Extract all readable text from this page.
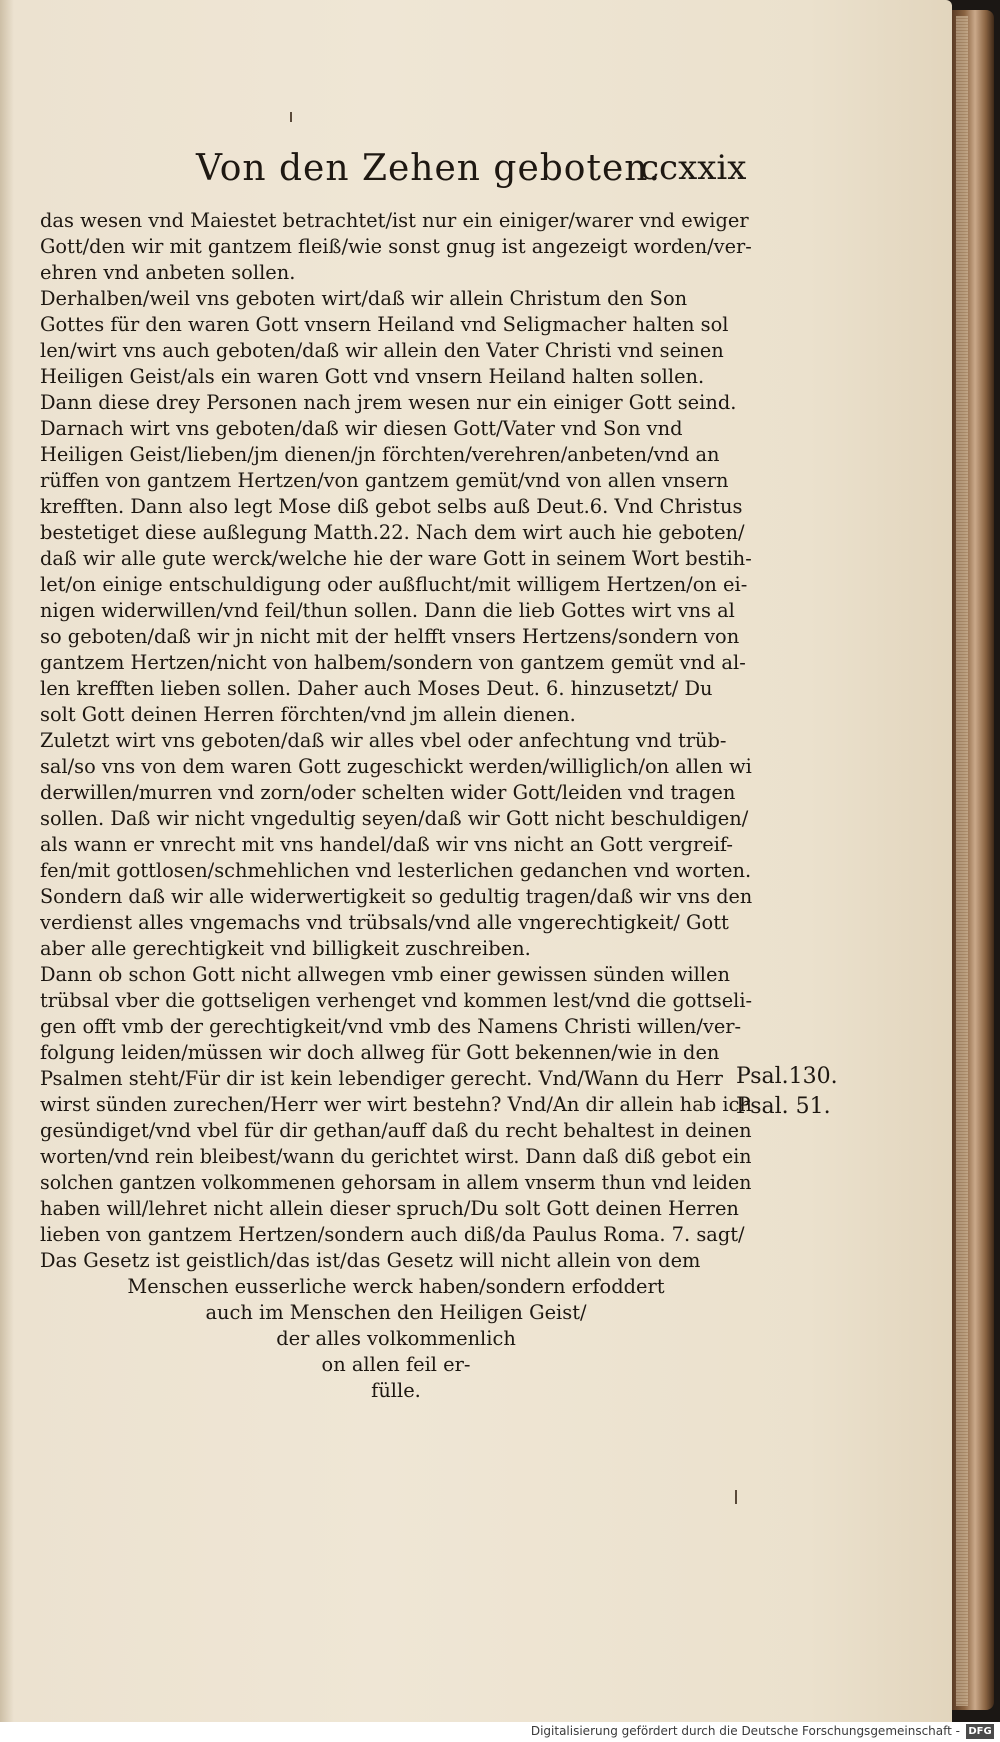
Von den Zehen geboten.
ccxxix
das wesen vnd Maiestet betrachtet/ist nur ein einiger/warer vnd ewiger
Gott/den wir mit gantzem fleiß/wie sonst gnug ist angezeigt worden/ver-
ehren vnd anbeten sollen.
Derhalben/weil vns geboten wirt/daß wir allein Christum den Son
Gottes für den waren Gott vnsern Heiland vnd Seligmacher halten sol
len/wirt vns auch geboten/daß wir allein den Vater Christi vnd seinen
Heiligen Geist/als ein waren Gott vnd vnsern Heiland halten sollen.
Dann diese drey Personen nach jrem wesen nur ein einiger Gott seind.
Darnach wirt vns geboten/daß wir diesen Gott/Vater vnd Son vnd
Heiligen Geist/lieben/jm dienen/jn förchten/verehren/anbeten/vnd an
rüffen von gantzem Hertzen/von gantzem gemüt/vnd von allen vnsern
krefften. Dann also legt Mose diß gebot selbs auß Deut.6. Vnd Christus
bestetiget diese außlegung Matth.22. Nach dem wirt auch hie geboten/
daß wir alle gute werck/welche hie der ware Gott in seinem Wort bestih-
let/on einige entschuldigung oder außflucht/mit willigem Hertzen/on ei-
nigen widerwillen/vnd feil/thun sollen. Dann die lieb Gottes wirt vns al
so geboten/daß wir jn nicht mit der helfft vnsers Hertzens/sondern von
gantzem Hertzen/nicht von halbem/sondern von gantzem gemüt vnd al-
len krefften lieben sollen. Daher auch Moses Deut. 6. hinzusetzt/ Du
solt Gott deinen Herren förchten/vnd jm allein dienen.
Zuletzt wirt vns geboten/daß wir alles vbel oder anfechtung vnd trüb-
sal/so vns von dem waren Gott zugeschickt werden/williglich/on allen wi
derwillen/murren vnd zorn/oder schelten wider Gott/leiden vnd tragen
sollen. Daß wir nicht vngedultig seyen/daß wir Gott nicht beschuldigen/
als wann er vnrecht mit vns handel/daß wir vns nicht an Gott vergreif-
fen/mit gottlosen/schmehlichen vnd lesterlichen gedanchen vnd worten.
Sondern daß wir alle widerwertigkeit so gedultig tragen/daß wir vns den
verdienst alles vngemachs vnd trübsals/vnd alle vngerechtigkeit/ Gott
aber alle gerechtigkeit vnd billigkeit zuschreiben.
Dann ob schon Gott nicht allwegen vmb einer gewissen sünden willen
trübsal vber die gottseligen verhenget vnd kommen lest/vnd die gottseli-
gen offt vmb der gerechtigkeit/vnd vmb des Namens Christi willen/ver-
folgung leiden/müssen wir doch allweg für Gott bekennen/wie in den
Psalmen steht/Für dir ist kein lebendiger gerecht. Vnd/Wann du Herr
wirst sünden zurechen/Herr wer wirt bestehn? Vnd/An dir allein hab ich
gesündiget/vnd vbel für dir gethan/auff daß du recht behaltest in deinen
worten/vnd rein bleibest/wann du gerichtet wirst. Dann daß diß gebot ein
solchen gantzen volkommenen gehorsam in allem vnserm thun vnd leiden
haben will/lehret nicht allein dieser spruch/Du solt Gott deinen Herren
lieben von gantzem Hertzen/sondern auch diß/da Paulus Roma. 7. sagt/
Das Gesetz ist geistlich/das ist/das Gesetz will nicht allein von dem
Menschen eusserliche werck haben/sondern erfoddert
auch im Menschen den Heiligen Geist/
der alles volkommenlich
on allen feil er-
fülle.
Psal.130.
Psal. 51.
Digitalisierung gefördert durch die Deutsche Forschungsgemeinschaft - DFG
